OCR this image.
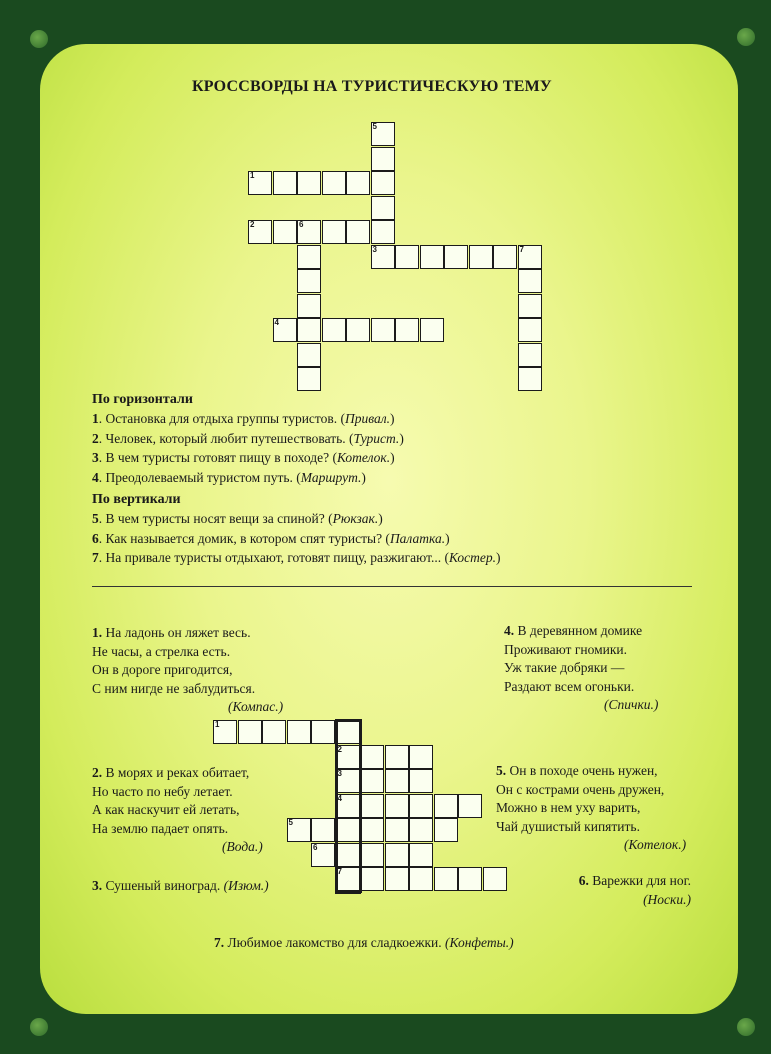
КРОССВОРДЫ НА ТУРИСТИЧЕСКУЮ ТЕМУ
5
3
1
2	6
7
4
По горизонтали
1. Остановка для отдыха группы туристов. (Привал.)
2. Человек, который любит путешествовать. (Турист.)
3. В чем туристы готовят пищу в походе? (Котелок.)
4. Преодолеваемый туристом путь. (Маршрут.)
По вертикали
5. В чем туристы носят вещи за спиной? (Рюкзак.)
6. Как называется домик, в котором спят туристы? (Палатка.)
7. На привале туристы отдыхают, готовят пищу, разжигают... (Костер.)
1. На ладонь он ляжет весь.
Не часы, а стрелка есть.
Он в дороге пригодится,
С ним нигде не заблудиться.
(Компас.)
2. В морях и реках обитает,
Но часто по небу летает.
А как наскучит ей летать,
На землю падает опять.
(Вода.)
3. Сушеный виноград. (Изюм.)
4. В деревянном домике
Проживают гномики.
Уж такие добряки —
Раздают всем огоньки.
(Спички.)
5. Он в походе очень нужен,
Он с кострами очень дружен,
Можно в нем уху варить,
Чай душистый кипятить.
(Котелок.)
6. Варежки для ног.
(Носки.)
7. Любимое лакомство для сладкоежки. (Конфеты.)
1
2
3
4
5
6
7
